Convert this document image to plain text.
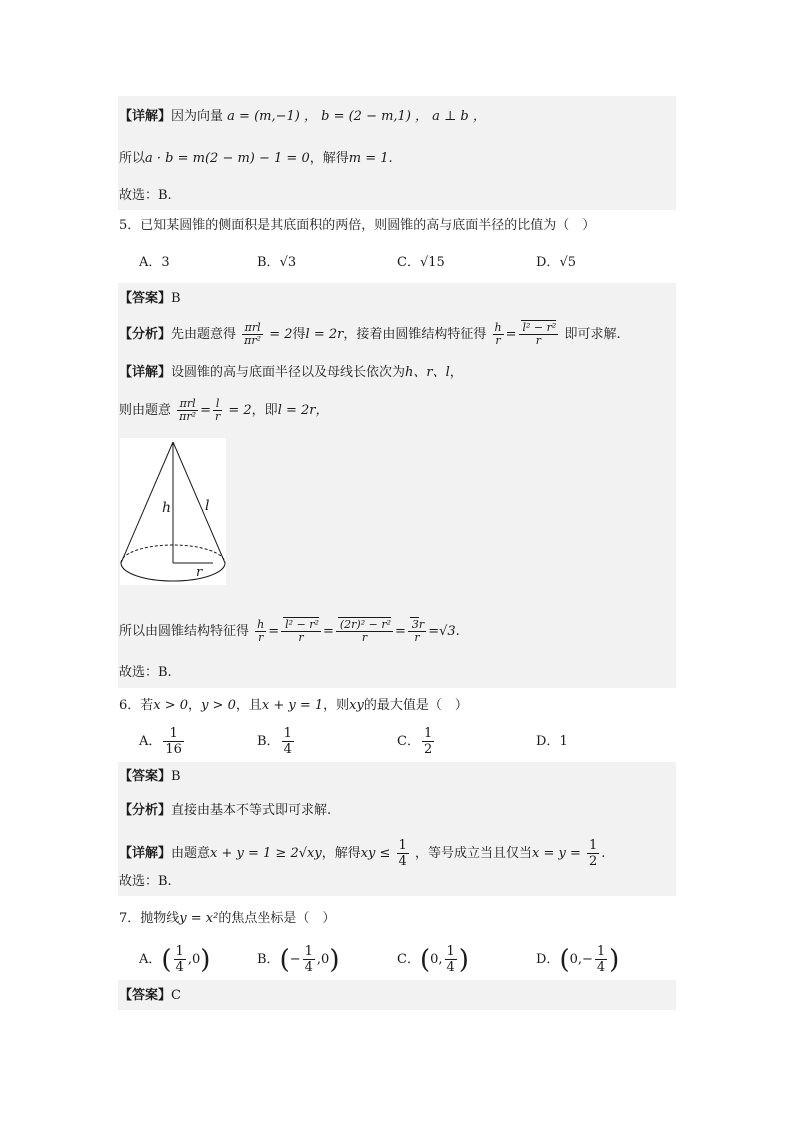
【详解】因为向量 a = (m,−1) ， b = (2 − m,1) ， a ⊥ b ，
所以a · b = m(2 − m) − 1 = 0，解得m = 1.
故选：B.
5．已知某圆锥的侧面积是其底面积的两倍，则圆锥的高与底面半径的比值为（　）
A．3	B．√3	C．√15	D．√5
【答案】B
【分析】先由题意得 $\frac{\text{πrl}}{\text{πr²}} = 2$得l = 2r，接着由圆锥结构特征得 $\frac{h}{r} = \frac{\text{l² − r²}}{r}$ 即可求解.
【详解】设圆锥的高与底面半径以及母线长依次为h、r、l，
则由题意 $\frac{\text{πrl}}{\text{πr²}} = \frac{l}{r} = 2$，即l = 2r，
h l
r
所以由圆锥结构特征得 $\frac{h}{r} = \frac{\text{l² − r²}}{r} = \frac{\text{(2r)² − r²}}{r} = \frac{3r}{r} =√3$.
故选：B.
6．若x > 0，y > 0，且x + y = 1，则xy的最大值是（　）
A． $\frac{1}{16}$	B． $\frac{1}{4}$	C． $\frac{1}{2}$	D．1
【答案】B
【分析】直接由基本不等式即可求解.
【详解】由题意x + y = 1 ≥ 2√xy，解得xy ≤ $\frac{1}{4}$ ，等号成立当且仅当$x = y = \frac{1}{2}$ .
故选：B.
7．抛物线y = x²的焦点坐标是（　）
A．( $\frac{1}{4} ,0$)	B．(− $\frac{1}{4} ,0$)	C．(0, $\frac{1}{4}$ )	D．($0,- \frac{1}{4}$ )
【答案】C
